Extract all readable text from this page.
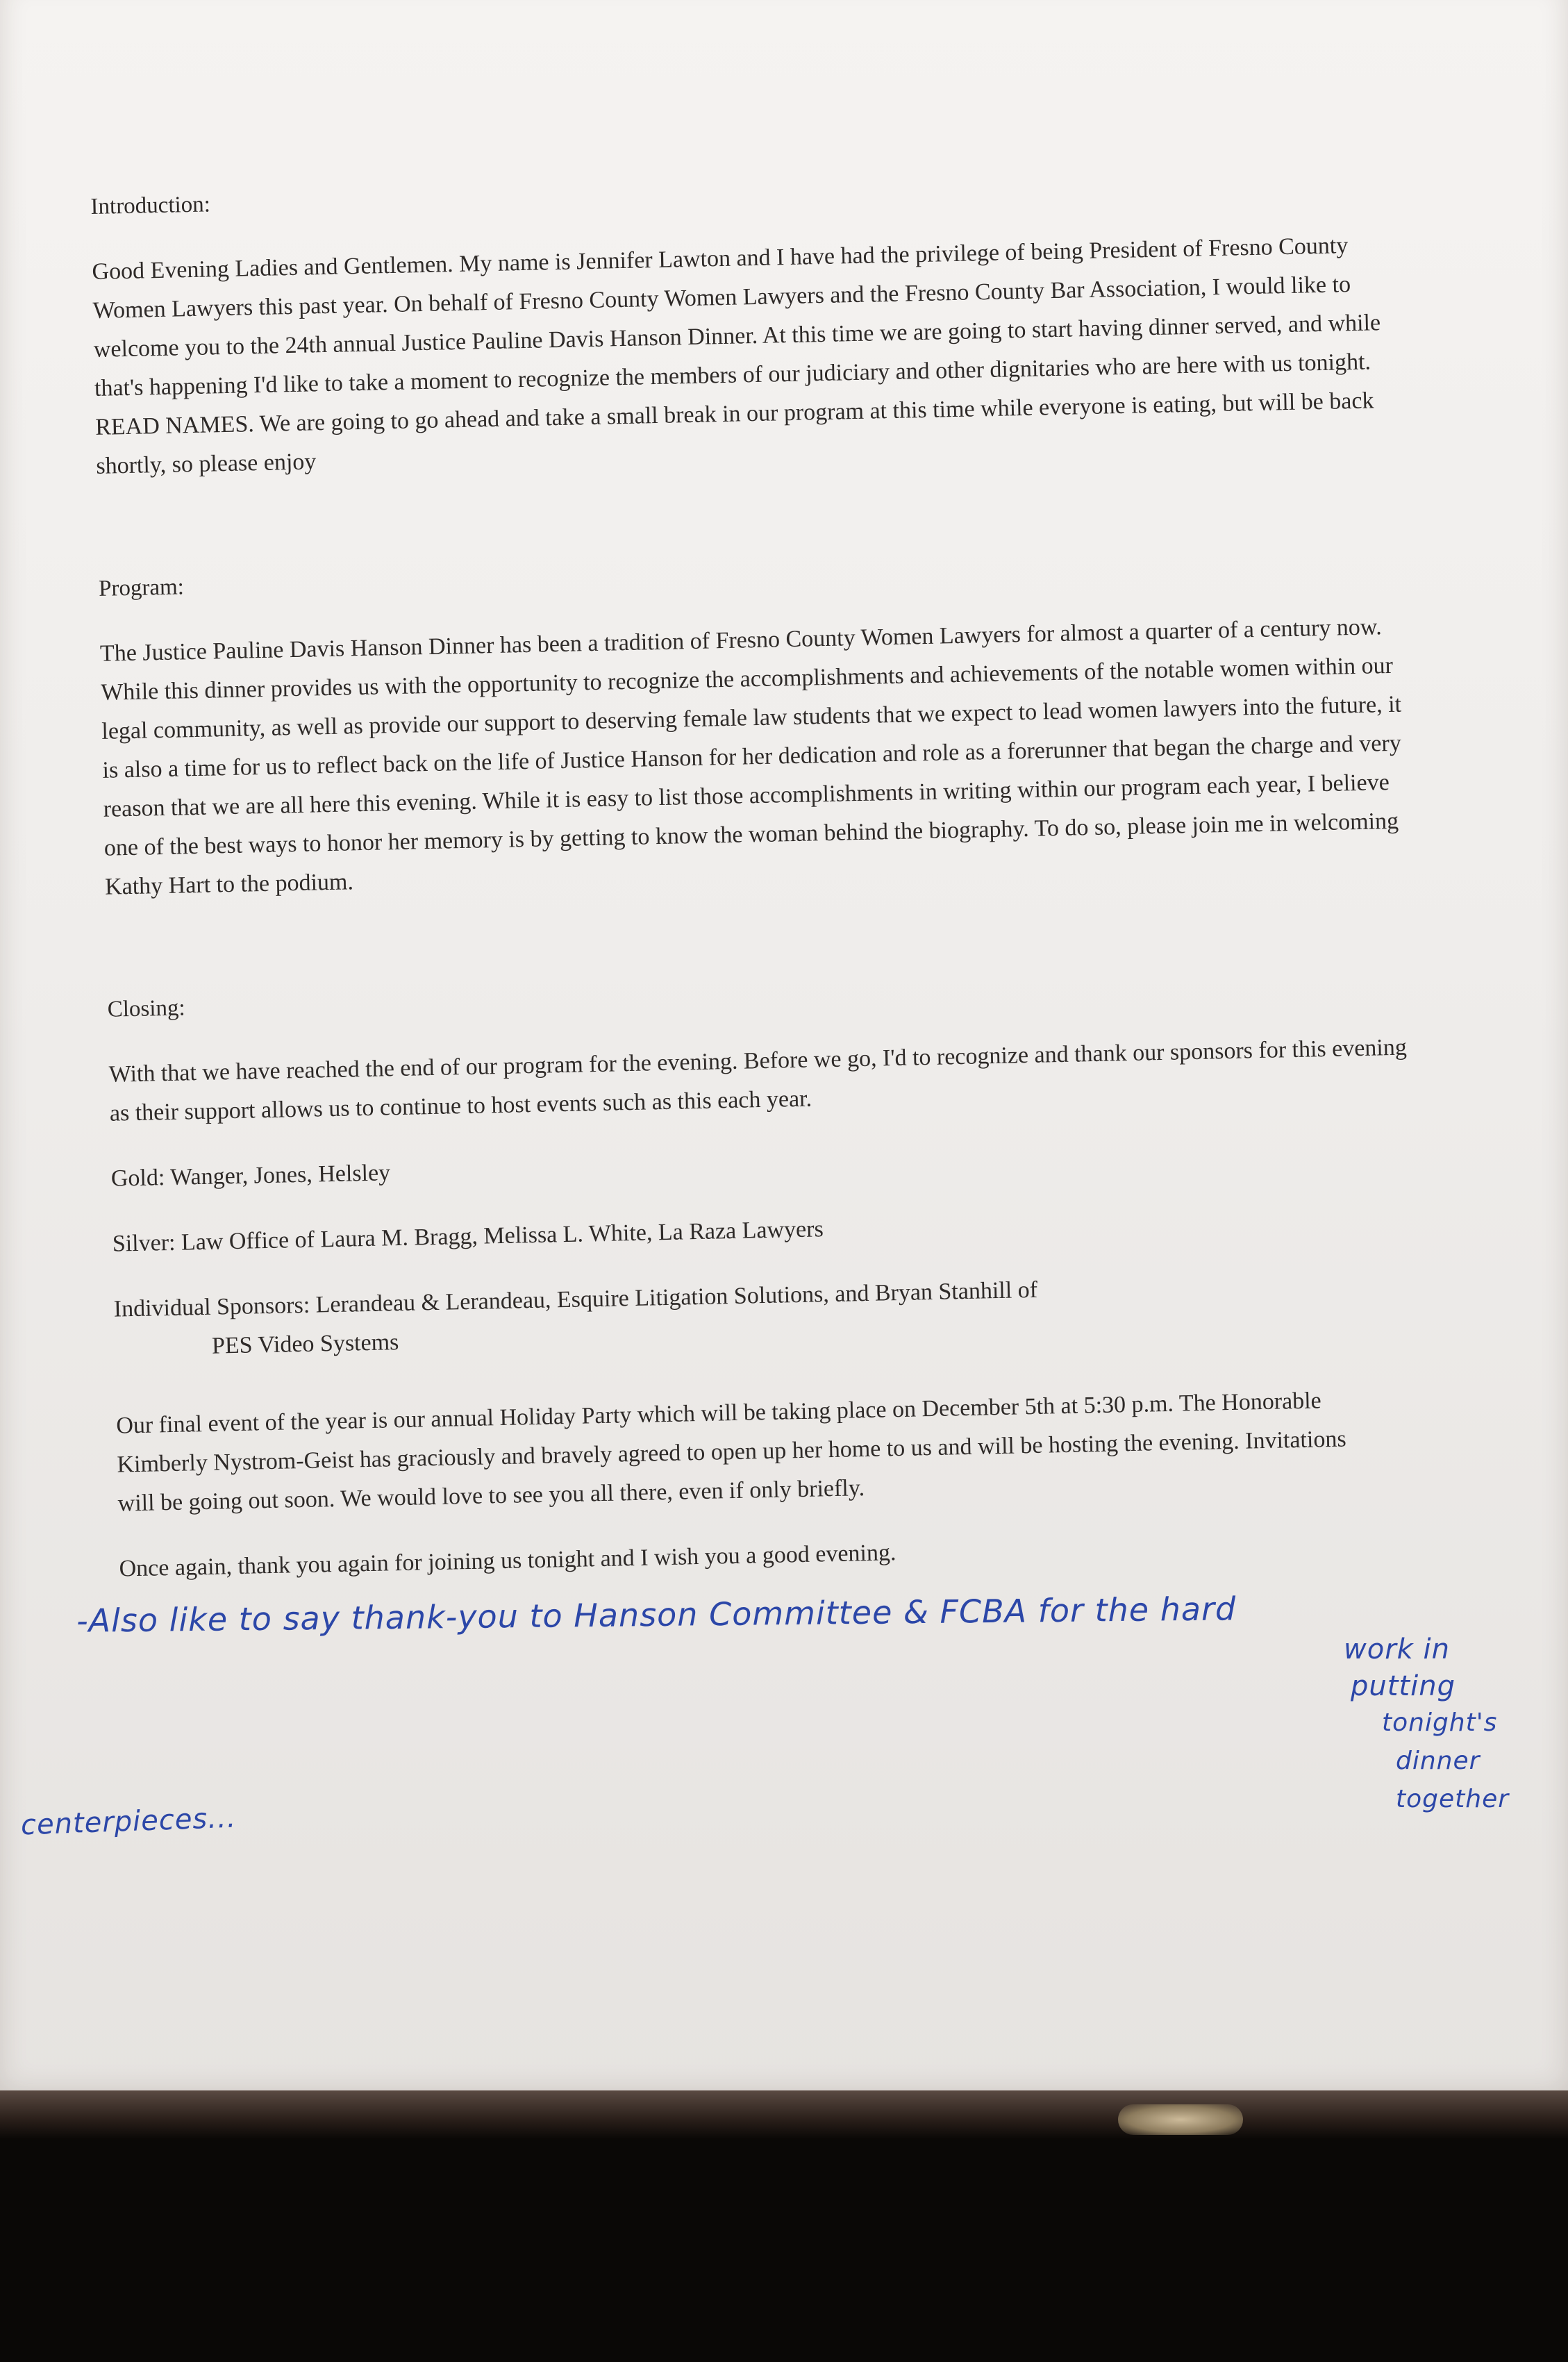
Introduction:

Good Evening Ladies and Gentlemen. My name is Jennifer Lawton and I have had the privilege of being President of Fresno County Women Lawyers this past year. On behalf of Fresno County Women Lawyers and the Fresno County Bar Association, I would like to welcome you to the 24th annual Justice Pauline Davis Hanson Dinner. At this time we are going to start having dinner served, and while that's happening I'd like to take a moment to recognize the members of our judiciary and other dignitaries who are here with us tonight. READ NAMES. We are going to go ahead and take a small break in our program at this time while everyone is eating, but will be back shortly, so please enjoy

Program:

The Justice Pauline Davis Hanson Dinner has been a tradition of Fresno County Women Lawyers for almost a quarter of a century now. While this dinner provides us with the opportunity to recognize the accomplishments and achievements of the notable women within our legal community, as well as provide our support to deserving female law students that we expect to lead women lawyers into the future, it is also a time for us to reflect back on the life of Justice Hanson for her dedication and role as a forerunner that began the charge and very reason that we are all here this evening. While it is easy to list those accomplishments in writing within our program each year, I believe one of the best ways to honor her memory is by getting to know the woman behind the biography. To do so, please join me in welcoming Kathy Hart to the podium.

Closing:

With that we have reached the end of our program for the evening. Before we go, I'd to recognize and thank our sponsors for this evening as their support allows us to continue to host events such as this each year.

Gold: Wanger, Jones, Helsley

Silver: Law Office of Laura M. Bragg, Melissa L. White, La Raza Lawyers

Individual Sponsors: Lerandeau & Lerandeau, Esquire Litigation Solutions, and Bryan Stanhill of

PES Video Systems

Our final event of the year is our annual Holiday Party which will be taking place on December 5th at 5:30 p.m. The Honorable Kimberly Nystrom-Geist has graciously and bravely agreed to open up her home to us and will be hosting the evening. Invitations will be going out soon. We would love to see you all there, even if only briefly.

Once again, thank you again for joining us tonight and I wish you a good evening.

-Also like to say thank-you to Hanson Committee & FCBA for the hard
work in
putting
tonight's
dinner
together
centerpieces...
